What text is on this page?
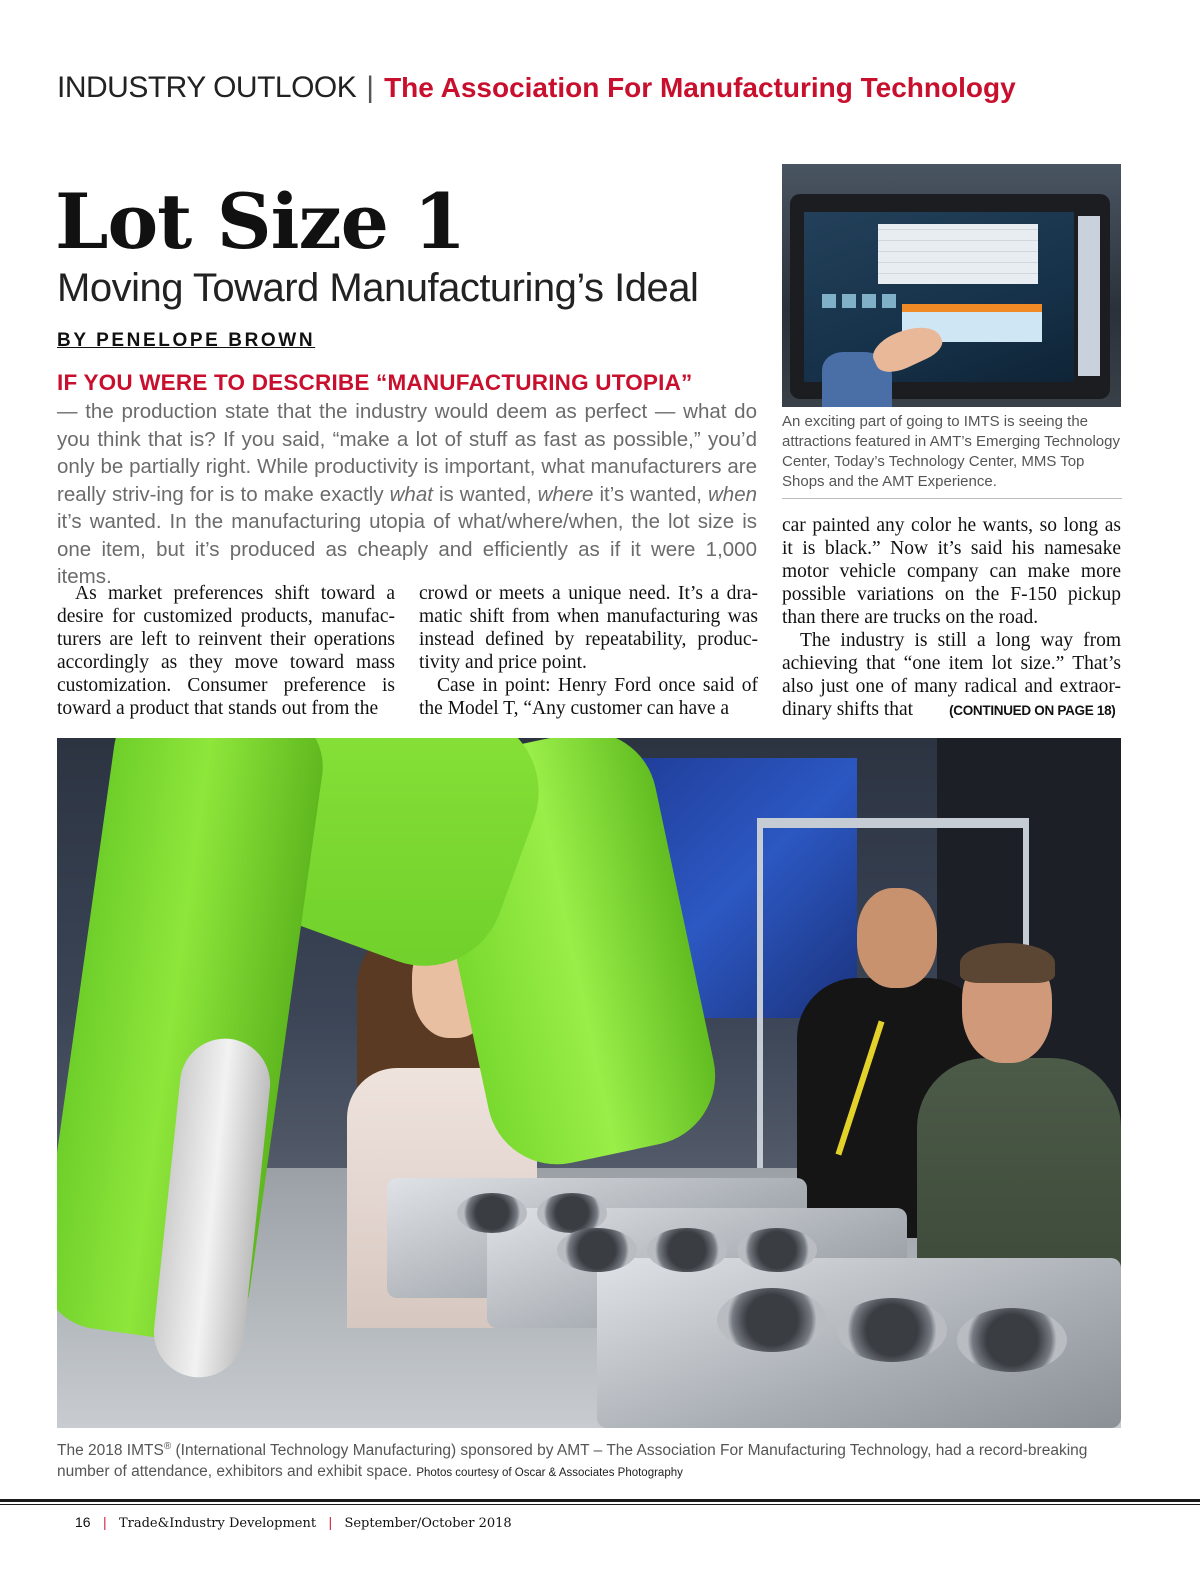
INDUSTRY OUTLOOK | The Association For Manufacturing Technology
Lot Size 1
Moving Toward Manufacturing’s Ideal
BY PENELOPE BROWN
IF YOU WERE TO DESCRIBE “MANUFACTURING UTOPIA”

— the production state that the industry would deem as perfect — what do you think that is? If you said, “make a lot of stuff as fast as possible,” you’d only be partially right. While productivity is important, what manufacturers are really striv-ing for is to make exactly what is wanted, where it’s wanted, when it’s wanted. In the manufacturing utopia of what/where/when, the lot size is one item, but it’s produced as cheaply and efficiently as if it were 1,000 items.

As market preferences shift toward a desire for customized products, manufac-turers are left to reinvent their operations accordingly as they move toward mass customization. Consumer preference is toward a product that stands out from the

crowd or meets a unique need. It’s a dra-matic shift from when manufacturing was instead defined by repeatability, produc-tivity and price point.

Case in point: Henry Ford once said of the Model T, “Any customer can have a

car painted any color he wants, so long as it is black.” Now it’s said his namesake motor vehicle company can make more possible variations on the F-150 pickup than there are trucks on the road.

The industry is still a long way from achieving that “one item lot size.” That’s also just one of many radical and extraor-dinary shifts that	(CONTINUED ON PAGE 18)

An exciting part of going to IMTS is seeing the attractions featured in AMT’s Emerging Technology Center, Today’s Technology Center, MMS Top Shops and the AMT Experience.
The 2018 IMTS® (International Technology Manufacturing) sponsored by AMT – The Association For Manufacturing Technology, had a record-breaking number of attendance, exhibitors and exhibit space. Photos courtesy of Oscar & Associates Photography
16 | Trade&Industry Development | September/October 2018
